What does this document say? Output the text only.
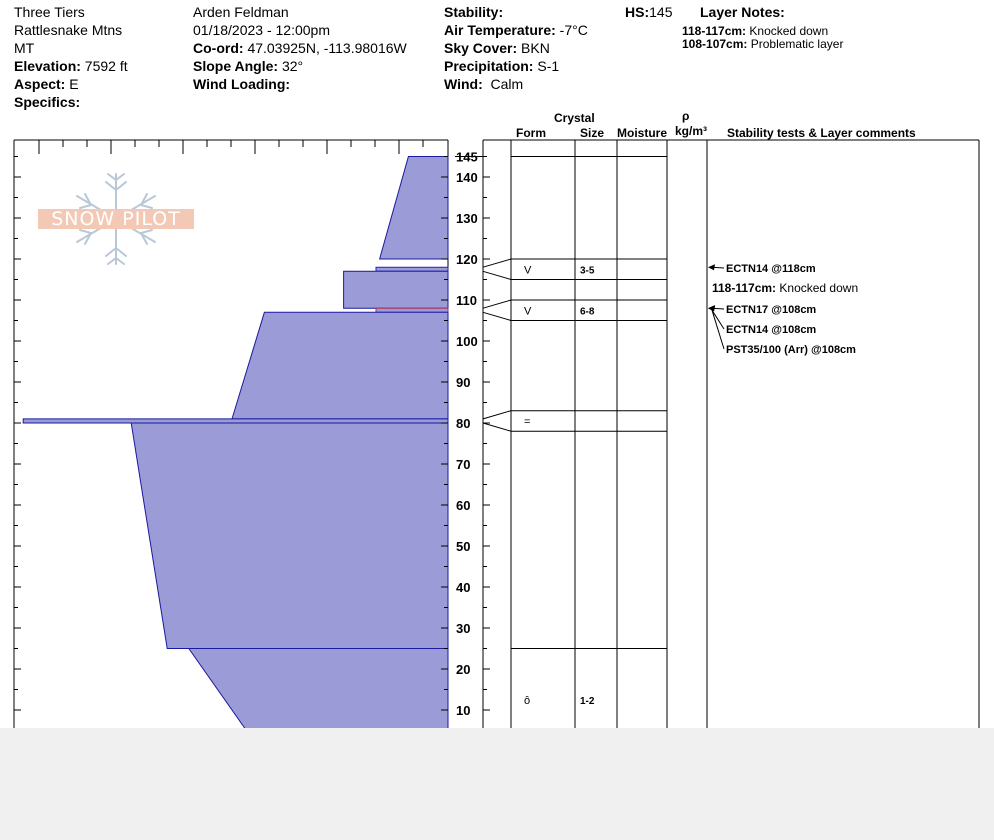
Three Tiers
Rattlesnake Mtns
MT
Elevation: 7592 ft
Aspect: E
Specifics:
Arden Feldman
01/18/2023 - 12:00pm
Co-ord: 47.03925N, -113.98016W
Slope Angle: 32°
Wind Loading:
Stability:
Air Temperature: -7°C
Sky Cover: BKN
Precipitation: S-1
Wind: Calm
HS:145 Layer Notes:
118-117cm: Knocked down
108-107cm: Problematic layer
Crystal
Form	Size Moisture
ρ
kg/m³ Stability tests & Layer comments
10
20
30
40
50
60
70
80
90
100
110
120
130
140
145
V	3-5
V	6-8
=
ȏ	1-2
ECTN14 @118cm
118-117cm: Knocked down
ECTN17 @108cm
ECTN14 @108cm
PST35/100 (Arr) @108cm
SNOW PILOT
